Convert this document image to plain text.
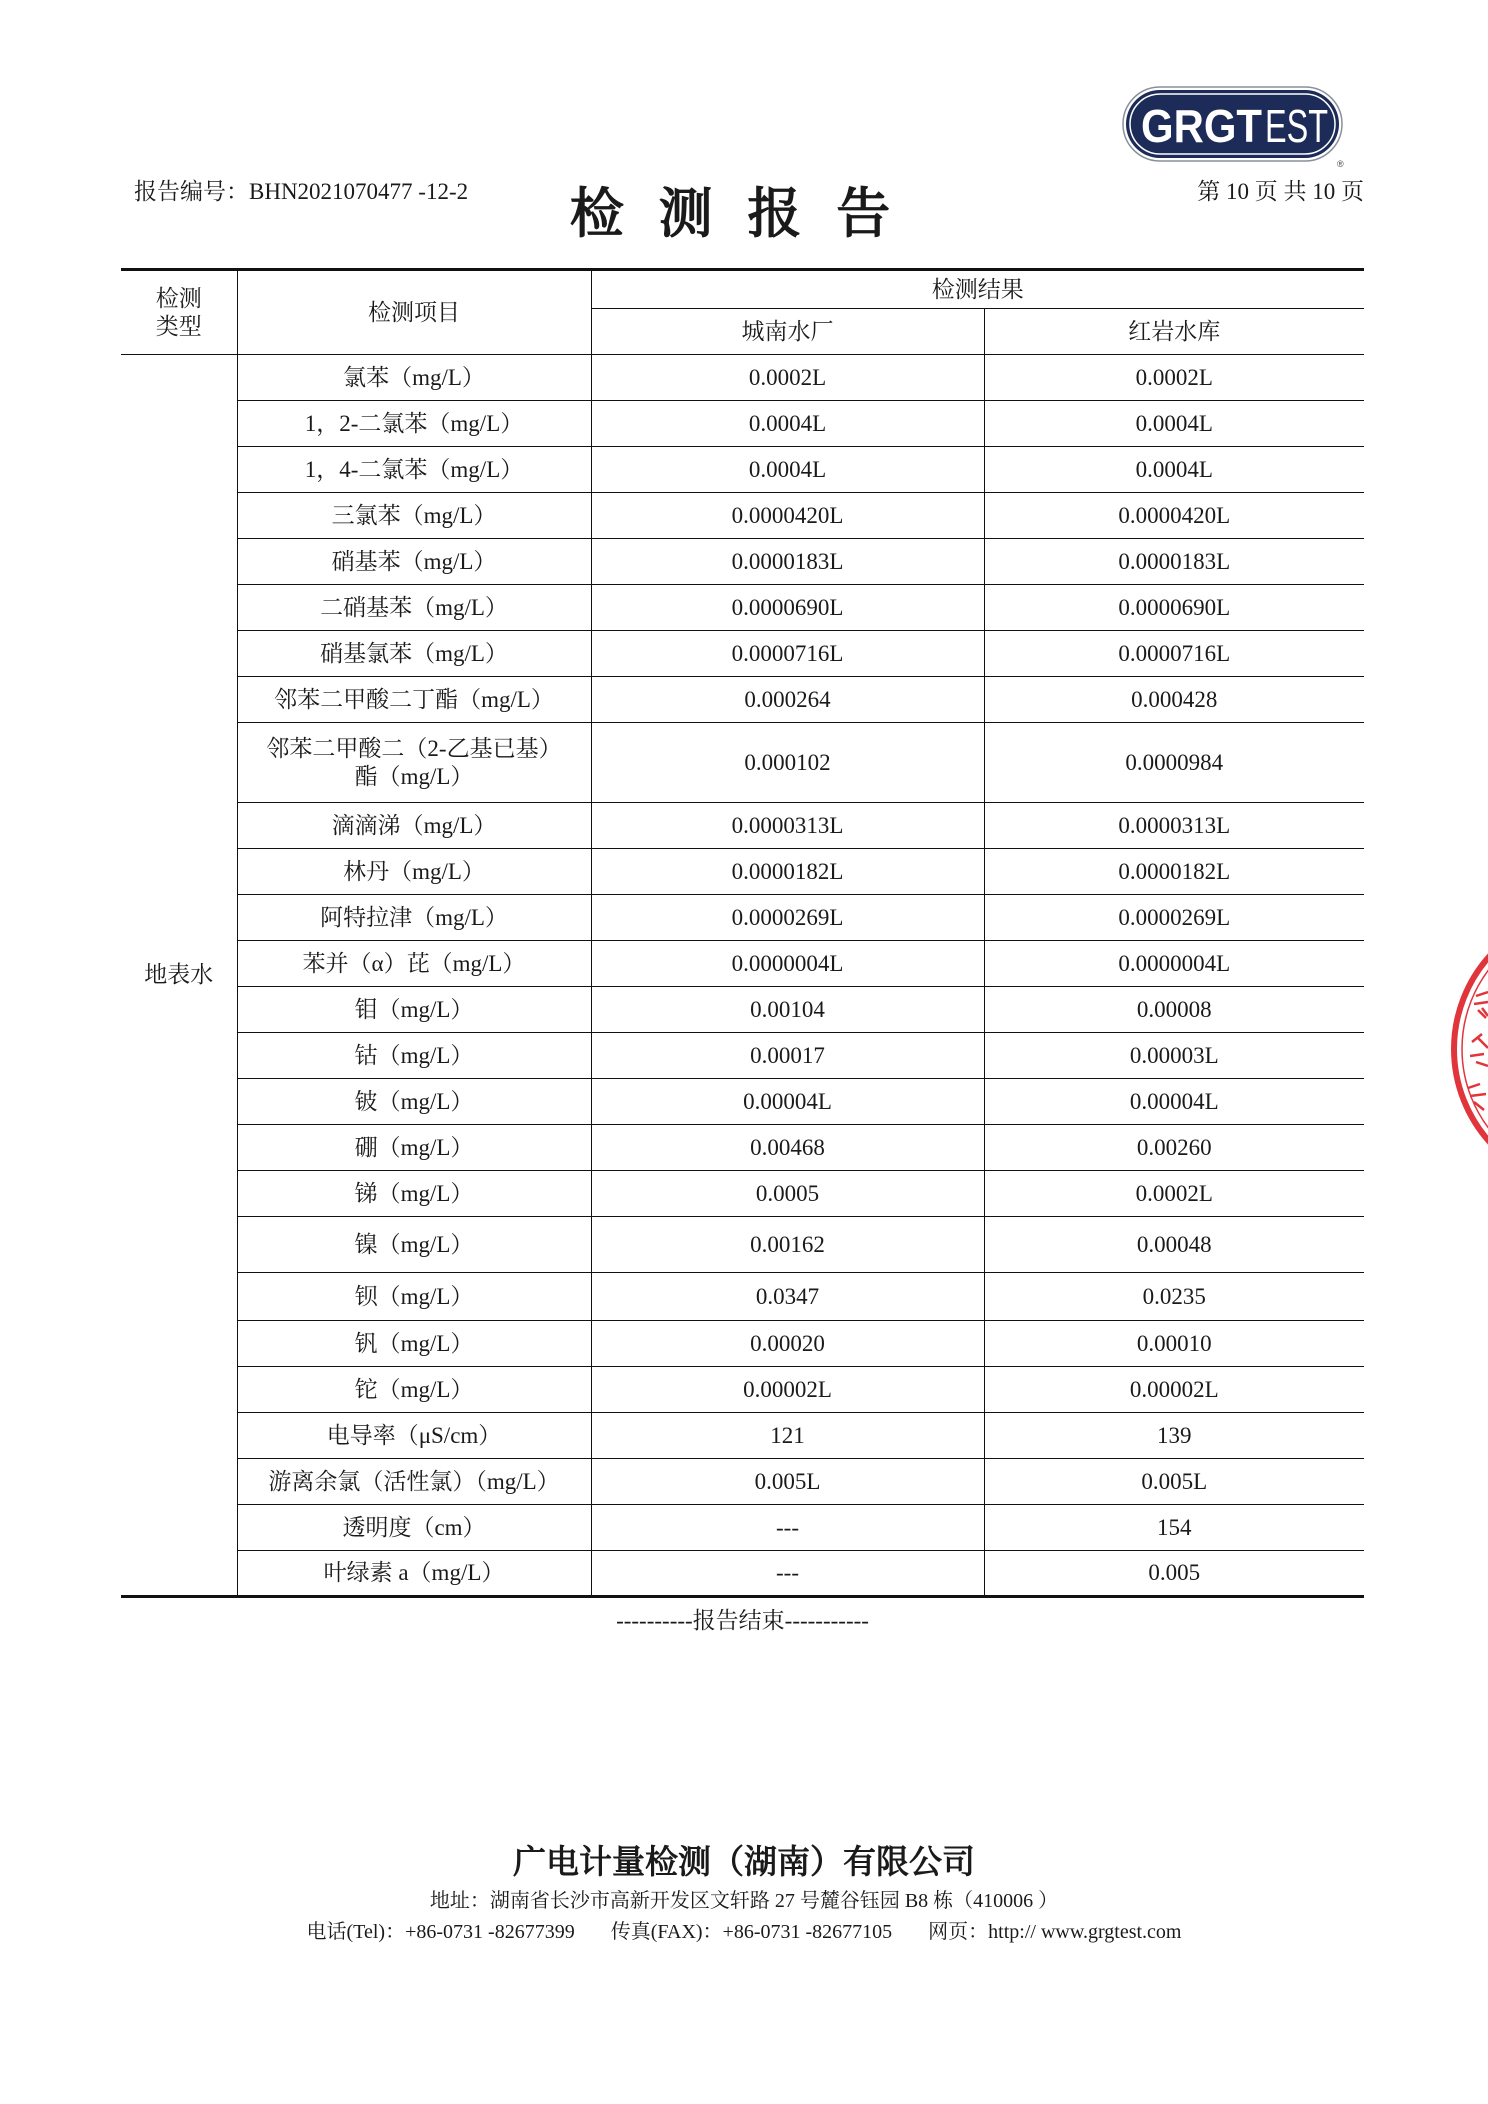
GRGT EST
®
报告编号：BHN2021070477 -12-2 检 测 报 告	第 10 页 共 10 页
检测
类型	检测项目	检测结果	
		城南水厂	红岩水库
地表水	氯苯（mg/L）	0.0002L	0.0002L
	1，2-二氯苯（mg/L）	0.0004L	0.0004L
	1，4-二氯苯（mg/L）	0.0004L	0.0004L
	三氯苯（mg/L）	0.0000420L	0.0000420L
	硝基苯（mg/L）	0.0000183L	0.0000183L
	二硝基苯（mg/L）	0.0000690L	0.0000690L
	硝基氯苯（mg/L）	0.0000716L	0.0000716L
	邻苯二甲酸二丁酯（mg/L）	0.000264	0.000428

	邻苯二甲酸二（2-乙基已基）
酯（mg/L）	0.000102	0.0000984
	滴滴涕（mg/L）	0.0000313L	0.0000313L
	林丹（mg/L）	0.0000182L	0.0000182L
	阿特拉津（mg/L）	0.0000269L	0.0000269L
	苯并（α）芘（mg/L）	0.0000004L	0.0000004L
	钼（mg/L）	0.00104	0.00008
	钴（mg/L）	0.00017	0.00003L
	铍（mg/L）	0.00004L	0.00004L
	硼（mg/L）	0.00468	0.00260
	锑（mg/L）	0.0005	0.0002L
	镍（mg/L）	0.00162	0.00048
	钡（mg/L）	0.0347	0.0235
	钒（mg/L）	0.00020	0.00010
	铊（mg/L）	0.00002L	0.00002L
	电导率（μS/cm）	121	139
	游离余氯（活性氯）（mg/L）	0.005L	0.005L
	透明度（cm）	---	154
	叶绿素 a（mg/L）	---	0.005
----------报告结束-----------
广电计量检测（湖南）有限公司
地址：湖南省长沙市高新开发区文轩路 27 号麓谷钰园 B8 栋（410006 ）
电话(Tel)：+86-0731 -82677399 传真(FAX)：+86-0731 -82677105 网页：http:// www.grgtest.com
